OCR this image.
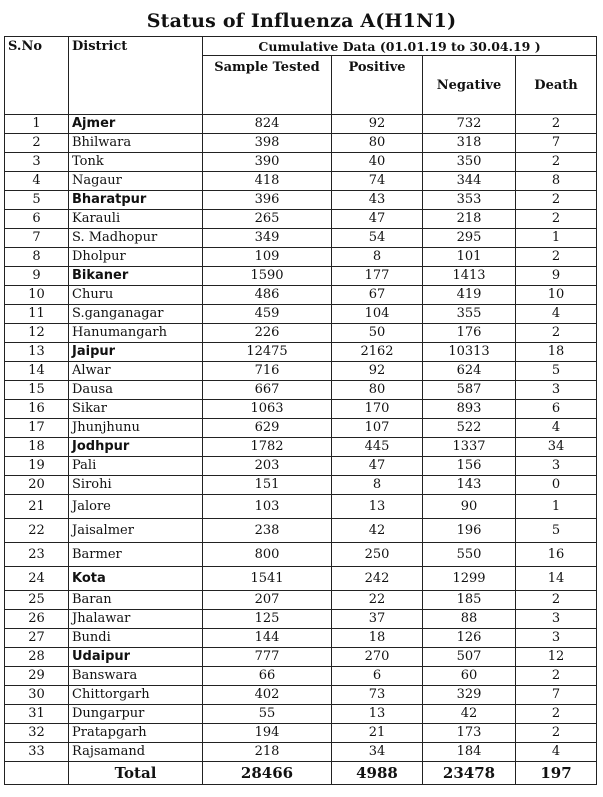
Status of Influenza A(H1N1)
S.No	District	Cumulative Data (01.01.19 to 30.04.19 )			
		Sample Tested	Positive	Negative	Death
1	Ajmer	824	92	732	2
2	Bhilwara	398	80	318	7
3	Tonk	390	40	350	2
4	Nagaur	418	74	344	8
5	Bharatpur	396	43	353	2
6	Karauli	265	47	218	2
7	S. Madhopur	349	54	295	1
8	Dholpur	109	8	101	2
9	Bikaner	1590	177	1413	9
10	Churu	486	67	419	10
11	S.ganganagar	459	104	355	4
12	Hanumangarh	226	50	176	2
13	Jaipur	12475	2162	10313	18
14	Alwar	716	92	624	5
15	Dausa	667	80	587	3
16	Sikar	1063	170	893	6
17	Jhunjhunu	629	107	522	4
18	Jodhpur	1782	445	1337	34
19	Pali	203	47	156	3
20	Sirohi	151	8	143	0
21	Jalore	103	13	90	1
22	Jaisalmer	238	42	196	5
23	Barmer	800	250	550	16
24	Kota	1541	242	1299	14
25	Baran	207	22	185	2
26	Jhalawar	125	37	88	3
27	Bundi	144	18	126	3
28	Udaipur	777	270	507	12
29	Banswara	66	6	60	2
30	Chittorgarh	402	73	329	7
31	Dungarpur	55	13	42	2
32	Pratapgarh	194	21	173	2
33	Rajsamand	218	34	184	4
	Total	28466	4988	23478	197
